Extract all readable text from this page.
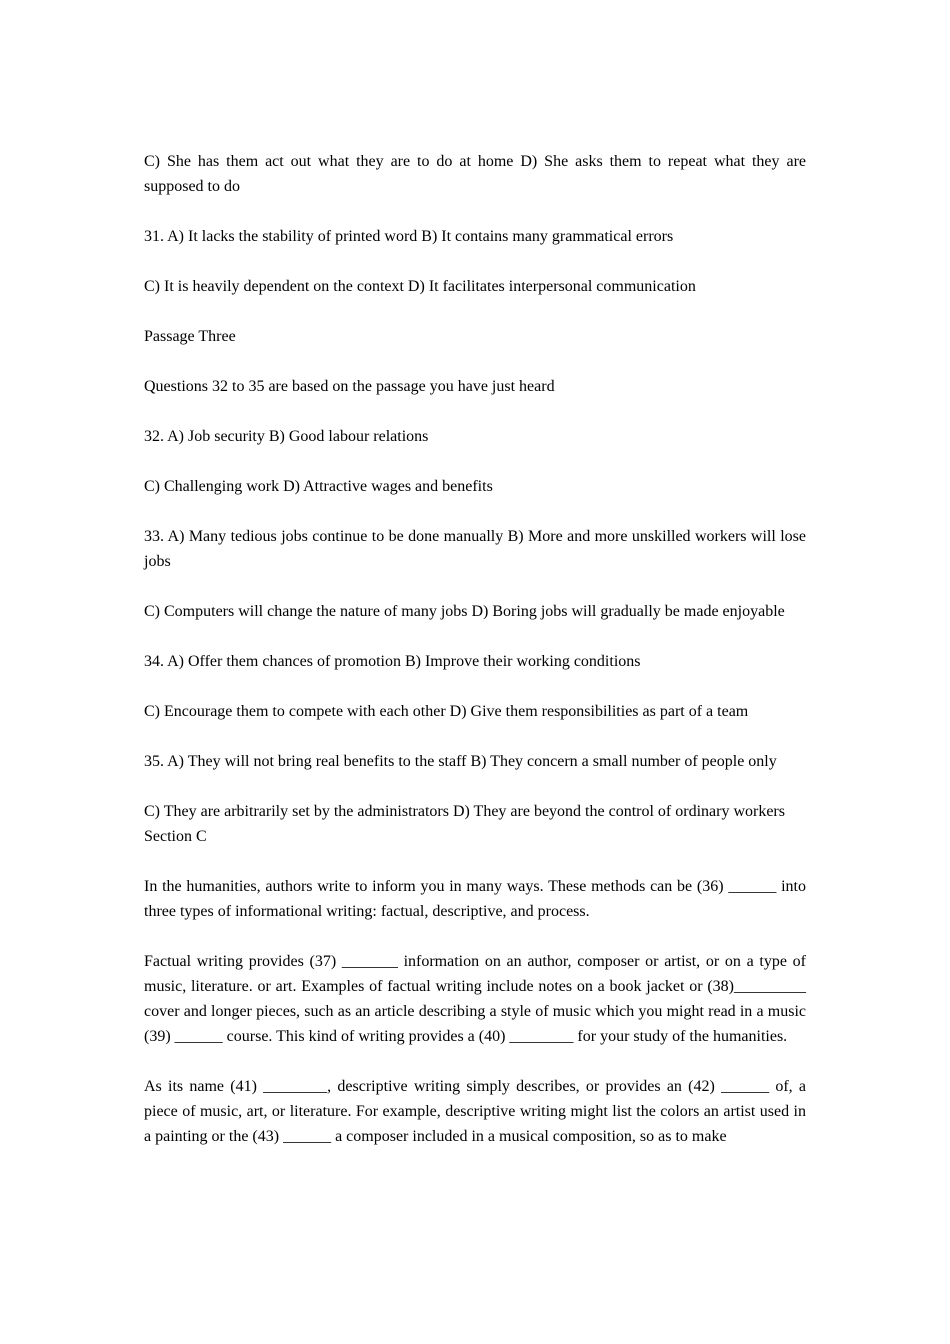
C) She has them act out what they are to do at home D) She asks them to repeat what they are supposed to do

31. A) It lacks the stability of printed word B) It contains many grammatical errors

C) It is heavily dependent on the context D) It facilitates interpersonal communication

Passage Three

Questions 32 to 35 are based on the passage you have just heard

32. A) Job security B) Good labour relations

C) Challenging work D) Attractive wages and benefits

33. A) Many tedious jobs continue to be done manually B) More and more unskilled workers will lose jobs

C) Computers will change the nature of many jobs D) Boring jobs will gradually be made enjoyable

34. A) Offer them chances of promotion B) Improve their working conditions

C) Encourage them to compete with each other D) Give them responsibilities as part of a team

35. A) They will not bring real benefits to the staff B) They concern a small number of people only

C) They are arbitrarily set by the administrators D) They are beyond the control of ordinary workers

Section C

In the humanities, authors write to inform you in many ways. These methods can be (36) ______ into three types of informational writing: factual, descriptive, and process.

Factual writing provides (37) _______ information on an author, composer or artist, or on a type of music, literature. or art. Examples of factual writing include notes on a book jacket or (38)_________ cover and longer pieces, such as an article describing a style of music which you might read in a music (39) ______ course. This kind of writing provides a (40) ________ for your study of the humanities.

As its name (41) ________, descriptive writing simply describes, or provides an (42) ______ of, a piece of music, art, or literature. For example, descriptive writing might list the colors an artist used in a painting or the (43) ______ a composer included in a musical composition, so as to make
